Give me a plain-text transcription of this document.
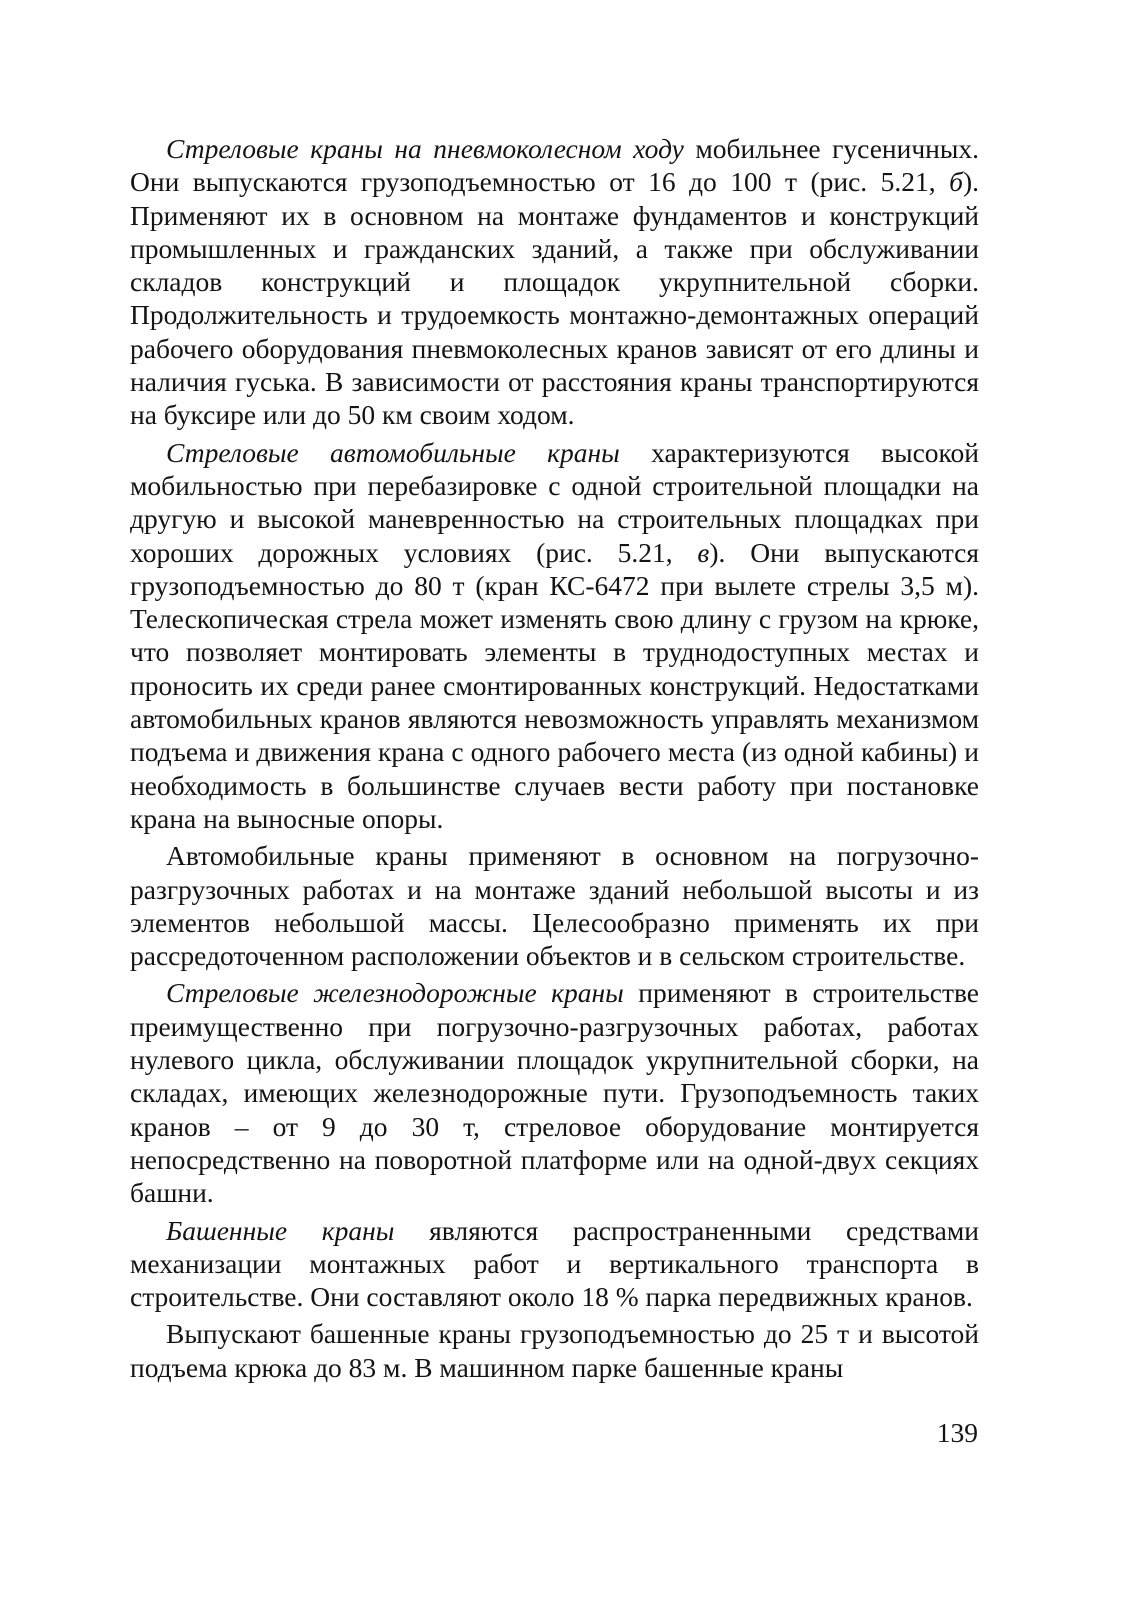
Стреловые краны на пневмоколесном ходу мобильнее гусеничных. Они выпускаются грузоподъемностью от 16 до 100 т (рис. 5.21, б). Применяют их в основном на монтаже фундаментов и конструкций промышленных и гражданских зданий, а также при обслуживании складов конструкций и площадок укрупнительной сборки. Продолжительность и трудоемкость монтажно-демонтажных операций рабочего оборудования пневмоколесных кранов зависят от его длины и наличия гуська. В зависимости от расстояния краны транспортируются на буксире или до 50 км своим ходом.

Стреловые автомобильные краны характеризуются высокой мобильностью при перебазировке с одной строительной площадки на другую и высокой маневренностью на строительных площадках при хороших дорожных условиях (рис. 5.21, в). Они выпускаются грузоподъемностью до 80 т (кран КС-6472 при вылете стрелы 3,5 м). Телескопическая стрела может изменять свою длину с грузом на крюке, что позволяет монтировать элементы в труднодоступных местах и проносить их среди ранее смонтированных конструкций. Недостатками автомобильных кранов являются невозможность управлять механизмом подъема и движения крана с одного рабочего места (из одной кабины) и необходимость в большинстве случаев вести работу при постановке крана на выносные опоры.

Автомобильные краны применяют в основном на погрузочно-разгрузочных работах и на монтаже зданий небольшой высоты и из элементов небольшой массы. Целесообразно применять их при рассредоточенном расположении объектов и в сельском строительстве.

Стреловые железнодорожные краны применяют в строительстве преимущественно при погрузочно-разгрузочных работах, работах нулевого цикла, обслуживании площадок укрупнительной сборки, на складах, имеющих железнодорожные пути. Грузоподъемность таких кранов – от 9 до 30 т, стреловое оборудование монтируется непосредственно на поворотной платформе или на одной-двух секциях башни.

Башенные краны являются распространенными средствами механизации монтажных работ и вертикального транспорта в строительстве. Они составляют около 18 % парка передвижных кранов.

Выпускают башенные краны грузоподъемностью до 25 т и высотой подъема крюка до 83 м. В машинном парке башенные краны

139
